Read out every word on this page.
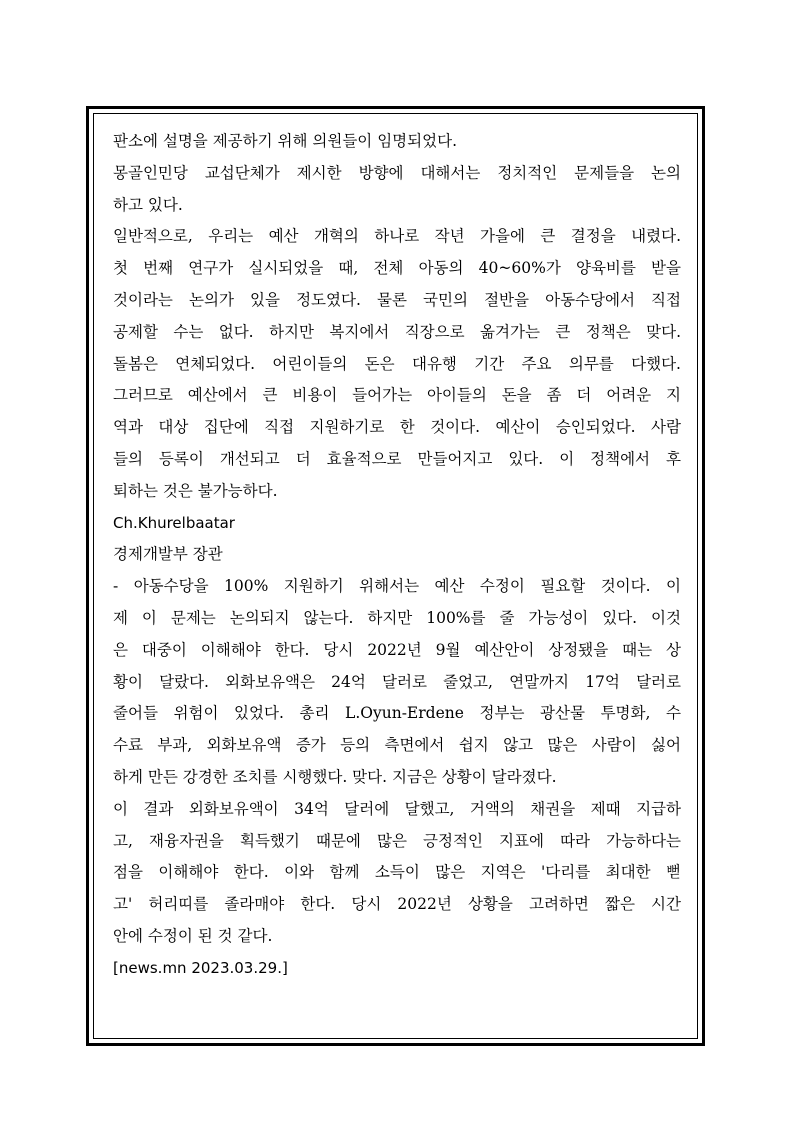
판소에 설명을 제공하기 위해 의원들이 임명되었다.
몽골인민당 교섭단체가 제시한 방향에 대해서는 정치적인 문제들을 논의
하고 있다.
일반적으로, 우리는 예산 개혁의 하나로 작년 가을에 큰 결정을 내렸다.
첫 번째 연구가 실시되었을 때, 전체 아동의 40~60%가 양육비를 받을
것이라는 논의가 있을 정도였다. 물론 국민의 절반을 아동수당에서 직접
공제할 수는 없다. 하지만 복지에서 직장으로 옮겨가는 큰 정책은 맞다.
돌봄은 연체되었다. 어린이들의 돈은 대유행 기간 주요 의무를 다했다.
그러므로 예산에서 큰 비용이 들어가는 아이들의 돈을 좀 더 어려운 지
역과 대상 집단에 직접 지원하기로 한 것이다. 예산이 승인되었다. 사람
들의 등록이 개선되고 더 효율적으로 만들어지고 있다. 이 정책에서 후
퇴하는 것은 불가능하다.
Ch.Khurelbaatar
경제개발부 장관
- 아동수당을 100% 지원하기 위해서는 예산 수정이 필요할 것이다. 이
제 이 문제는 논의되지 않는다. 하지만 100%를 줄 가능성이 있다. 이것
은 대중이 이해해야 한다. 당시 2022년 9월 예산안이 상정됐을 때는 상
황이 달랐다. 외화보유액은 24억 달러로 줄었고, 연말까지 17억 달러로
줄어들 위험이 있었다. 총리 L.Oyun-Erdene 정부는 광산물 투명화, 수
수료 부과, 외화보유액 증가 등의 측면에서 쉽지 않고 많은 사람이 싫어
하게 만든 강경한 조치를 시행했다. 맞다. 지금은 상황이 달라졌다.
이 결과 외화보유액이 34억 달러에 달했고, 거액의 채권을 제때 지급하
고, 재융자권을 획득했기 때문에 많은 긍정적인 지표에 따라 가능하다는
점을 이해해야 한다. 이와 함께 소득이 많은 지역은 '다리를 최대한 뻗
고' 허리띠를 졸라매야 한다. 당시 2022년 상황을 고려하면 짧은 시간
안에 수정이 된 것 같다.
[news.mn 2023.03.29.]
